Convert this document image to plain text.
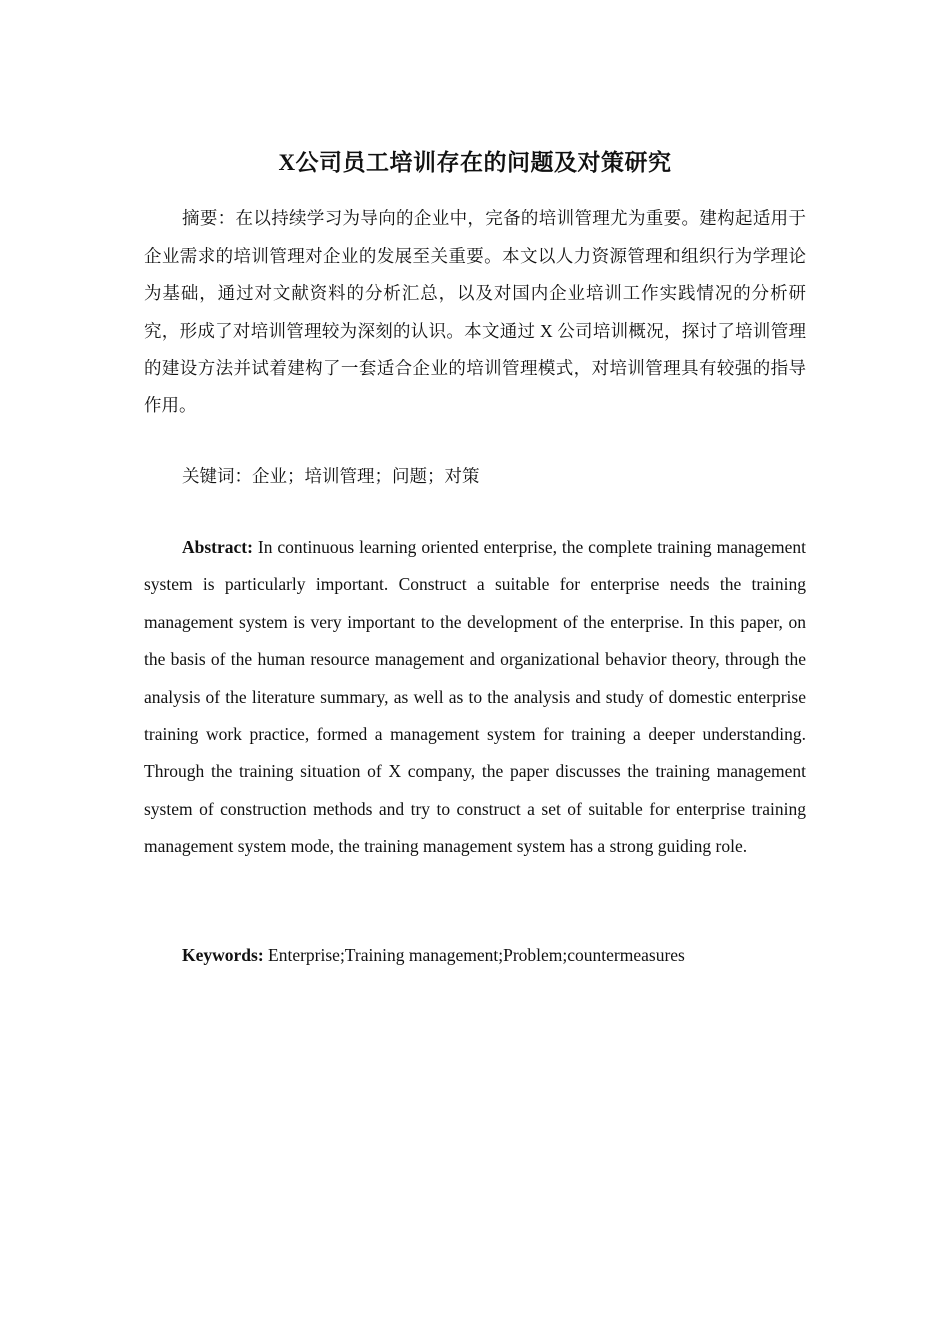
X公司员工培训存在的问题及对策研究
摘要：在以持续学习为导向的企业中，完备的培训管理尤为重要。建构起适用于企业需求的培训管理对企业的发展至关重要。本文以人力资源管理和组织行为学理论为基础，通过对文献资料的分析汇总，以及对国内企业培训工作实践情况的分析研究，形成了对培训管理较为深刻的认识。本文通过 X 公司培训概况，探讨了培训管理的建设方法并试着建构了一套适合企业的培训管理模式，对培训管理具有较强的指导作用。
关键词：企业；培训管理；问题；对策
Abstract: In continuous learning oriented enterprise, the complete training management system is particularly important. Construct a suitable for enterprise needs the training management system is very important to the development of the enterprise. In this paper, on the basis of the human resource management and organizational behavior theory, through the analysis of the literature summary, as well as to the analysis and study of domestic enterprise training work practice, formed a management system for training a deeper understanding. Through the training situation of X company, the paper discusses the training management system of construction methods and try to construct a set of suitable for enterprise training management system mode, the training management system has a strong guiding role.
Keywords: Enterprise;Training management;Problem;countermeasures
